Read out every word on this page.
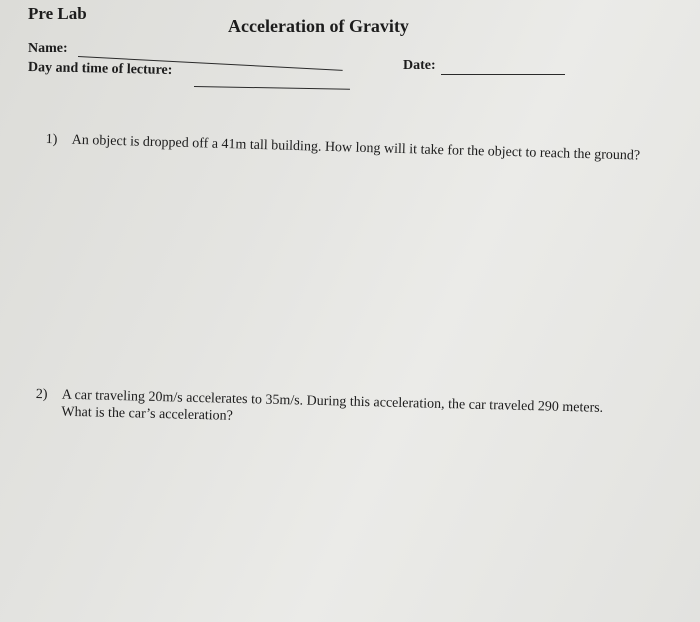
Pre Lab
Acceleration of Gravity
Name:
Day and time of lecture:	Date:
1) An object is dropped off a 41m tall building. How long will it take for the object to reach the ground?
2) A car traveling 20m/s accelerates to 35m/s. During this acceleration, the car traveled 290 meters. What is the car’s acceleration?
